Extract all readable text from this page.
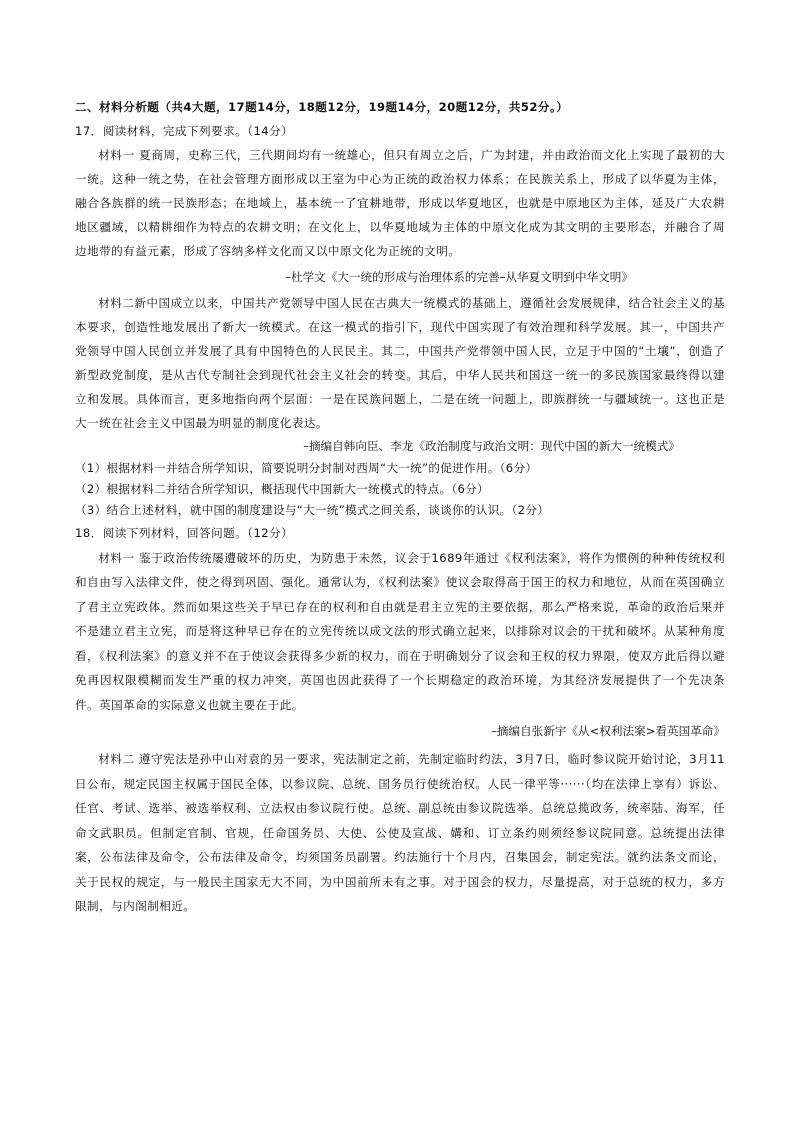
二、材料分析题（共4大题，17题14分，18题12分，19题14分，20题12分，共52分。）
17．阅读材料，完成下列要求。（14分）

材料一 夏商周，史称三代，三代期间均有一统雄心，但只有周立之后，广为封建，并由政治而文化上实现了最初的大一统。这种一统之势，在社会管理方面形成以王室为中心为正统的政治权力体系；在民族关系上，形成了以华夏为主体，融合各族群的统一民族形态；在地域上，基本统一了宜耕地带，形成以华夏地区，也就是中原地区为主体，延及广大农耕地区疆域，以精耕细作为特点的农耕文明；在文化上，以华夏地域为主体的中原文化成为其文明的主要形态，并融合了周边地带的有益元素，形成了容纳多样文化而又以中原文化为正统的文明。

–杜学文《大一统的形成与治理体系的完善–从华夏文明到中华文明》

材料二新中国成立以来，中国共产党领导中国人民在古典大一统模式的基础上，遵循社会发展规律，结合社会主义的基本要求，创造性地发展出了新大一统模式。在这一模式的指引下，现代中国实现了有效治理和科学发展。其一，中国共产党领导中国人民创立并发展了具有中国特色的人民民主。其二，中国共产党带领中国人民，立足于中国的“土壤”，创造了新型政党制度，是从古代专制社会到现代社会主义社会的转变。其后，中华人民共和国这一统一的多民族国家最终得以建立和发展。具体而言，更多地指向两个层面：一是在民族问题上，二是在统一问题上，即族群统一与疆域统一。这也正是大一统在社会主义中国最为明显的制度化表达。

–摘编自韩向臣、李龙《政治制度与政治文明：现代中国的新大一统模式》

（1）根据材料一并结合所学知识，简要说明分封制对西周“大一统”的促进作用。（6分）
（2）根据材料二并结合所学知识，概括现代中国新大一统模式的特点。（6分）
（3）结合上述材料，就中国的制度建设与“大一统”模式之间关系，谈谈你的认识。（2分）
18．阅读下列材料，回答问题。（12分）

材料一 鉴于政治传统屡遭破坏的历史，为防患于未然，议会于1689年通过《权利法案》，将作为惯例的种种传统权利和自由写入法律文件，使之得到巩固、强化。通常认为，《权利法案》使议会取得高于国王的权力和地位，从而在英国确立了君主立宪政体。然而如果这些关于早已存在的权利和自由就是君主立宪的主要依据，那么严格来说，革命的政治后果并不是建立君主立宪，而是将这种早已存在的立宪传统以成文法的形式确立起来，以排除对议会的干扰和破坏。从某种角度看，《权利法案》的意义并不在于使议会获得多少新的权力，而在于明确划分了议会和王权的权力界限，使双方此后得以避免再因权限模糊而发生严重的权力冲突，英国也因此获得了一个长期稳定的政治环境，为其经济发展提供了一个先决条件。英国革命的实际意义也就主要在于此。

–摘编自张新宇《从<权利法案>看英国革命》

材料二 遵守宪法是孙中山对袁的另一要求，宪法制定之前，先制定临时约法，3月7日，临时参议院开始讨论，3月11日公布，规定民国主权属于国民全体，以参议院、总统、国务员行使统治权。人民一律平等······（均在法律上享有）诉讼、任官、考试、选举、被选举权利、立法权由参议院行使。总统、副总统由参议院选举。总统总揽政务，统率陆、海军，任命文武职员。但制定官制、官规，任命国务员、大使、公使及宣战、媾和、订立条约则须经参议院同意。总统提出法律案，公布法律及命令，公布法律及命令，均须国务员副署。约法施行十个月内，召集国会，制定宪法。就约法条文而论，关于民权的规定，与一般民主国家无大不同，为中国前所未有之事。对于国会的权力，尽量提高，对于总统的权力，多方限制，与内阁制相近。
